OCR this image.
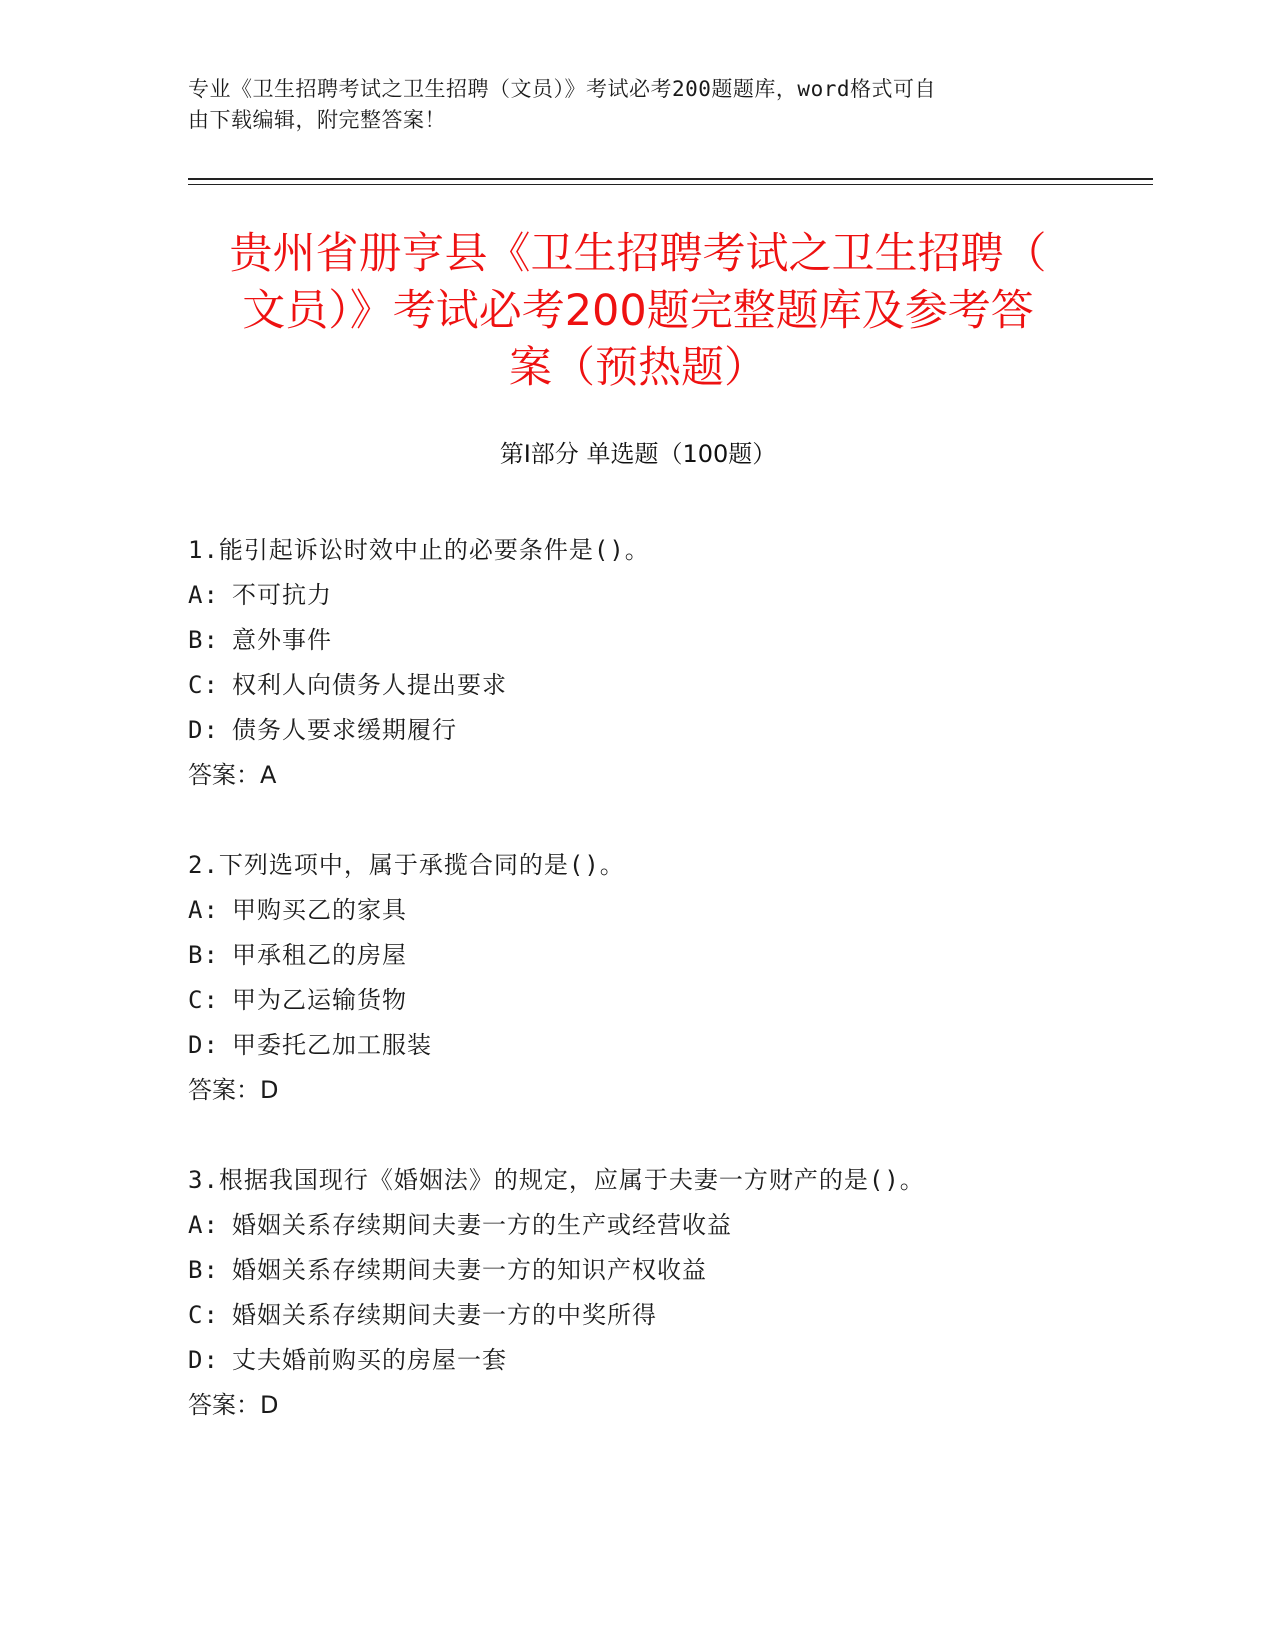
专业《卫生招聘考试之卫生招聘（文员）》考试必考200题题库，word格式可自
由下载编辑，附完整答案！
贵州省册亨县《卫生招聘考试之卫生招聘（
文员）》考试必考200题完整题库及参考答
案（预热题）
第I部分 单选题（100题）
1.能引起诉讼时效中止的必要条件是()。
A: 不可抗力
B: 意外事件
C: 权利人向债务人提出要求
D: 债务人要求缓期履行
答案：A
2.下列选项中，属于承揽合同的是()。
A: 甲购买乙的家具
B: 甲承租乙的房屋
C: 甲为乙运输货物
D: 甲委托乙加工服装
答案：D
3.根据我国现行《婚姻法》的规定，应属于夫妻一方财产的是()。
A: 婚姻关系存续期间夫妻一方的生产或经营收益
B: 婚姻关系存续期间夫妻一方的知识产权收益
C: 婚姻关系存续期间夫妻一方的中奖所得
D: 丈夫婚前购买的房屋一套
答案：D
